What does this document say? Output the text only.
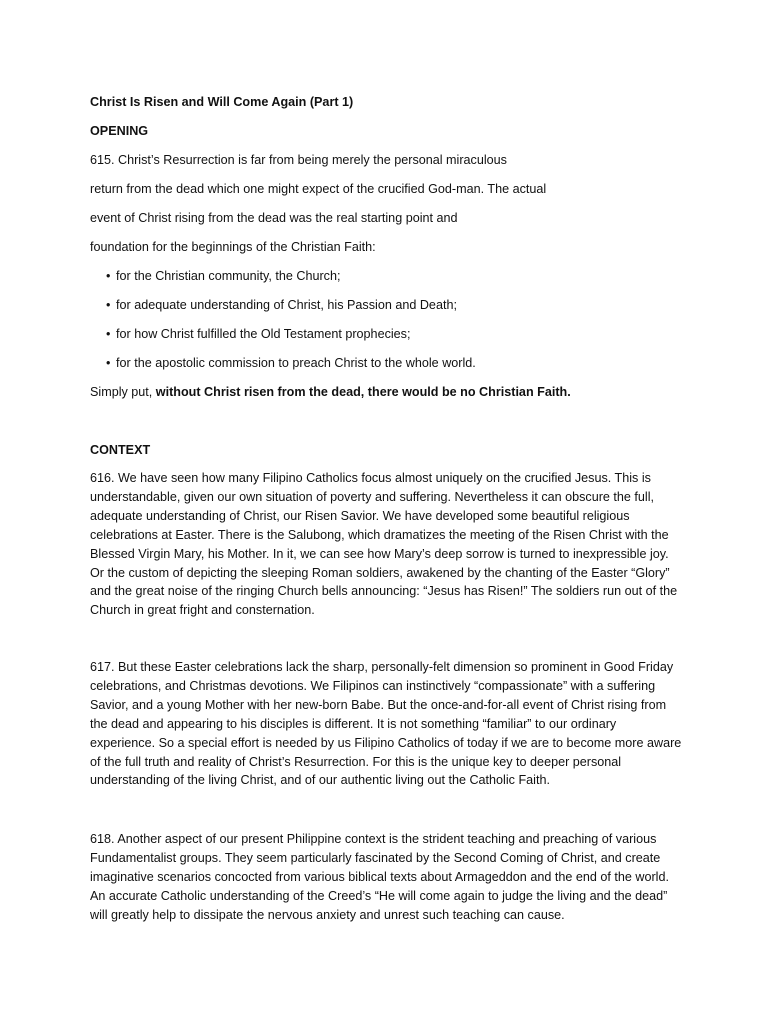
Christ Is Risen and Will Come Again (Part 1)
OPENING
615. Christ’s Resurrection is far from being merely the personal miraculous
return from the dead which one might expect of the crucified God-man. The actual
event of Christ rising from the dead was the real starting point and
foundation for the beginnings of the Christian Faith:
• for the Christian community, the Church;
• for adequate understanding of Christ, his Passion and Death;
• for how Christ fulfilled the Old Testament prophecies;
• for the apostolic commission to preach Christ to the whole world.
Simply put, without Christ risen from the dead, there would be no Christian Faith.
CONTEXT
616. We have seen how many Filipino Catholics focus almost uniquely on the crucified Jesus. This is understandable, given our own situation of poverty and suffering. Nevertheless it can obscure the full, adequate understanding of Christ, our Risen Savior. We have developed some beautiful religious celebrations at Easter. There is the Salubong, which dramatizes the meeting of the Risen Christ with the Blessed Virgin Mary, his Mother. In it, we can see how Mary’s deep sorrow is turned to inexpressible joy. Or the custom of depicting the sleeping Roman soldiers, awakened by the chanting of the Easter “Glory” and the great noise of the ringing Church bells announcing: “Jesus has Risen!” The soldiers run out of the Church in great fright and consternation.
617. But these Easter celebrations lack the sharp, personally-felt dimension so prominent in Good Friday celebrations, and Christmas devotions. We Filipinos can instinctively “compassionate” with a suffering Savior, and a young Mother with her new-born Babe. But the once-and-for-all event of Christ rising from the dead and appearing to his disciples is different. It is not something “familiar” to our ordinary experience. So a special effort is needed by us Filipino Catholics of today if we are to become more aware of the full truth and reality of Christ’s Resurrection. For this is the unique key to deeper personal understanding of the living Christ, and of our authentic living out the Catholic Faith.
618. Another aspect of our present Philippine context is the strident teaching and preaching of various Fundamentalist groups. They seem particularly fascinated by the Second Coming of Christ, and create imaginative scenarios concocted from various biblical texts about Armageddon and the end of the world. An accurate Catholic understanding of the Creed’s “He will come again to judge the living and the dead” will greatly help to dissipate the nervous anxiety and unrest such teaching can cause.
